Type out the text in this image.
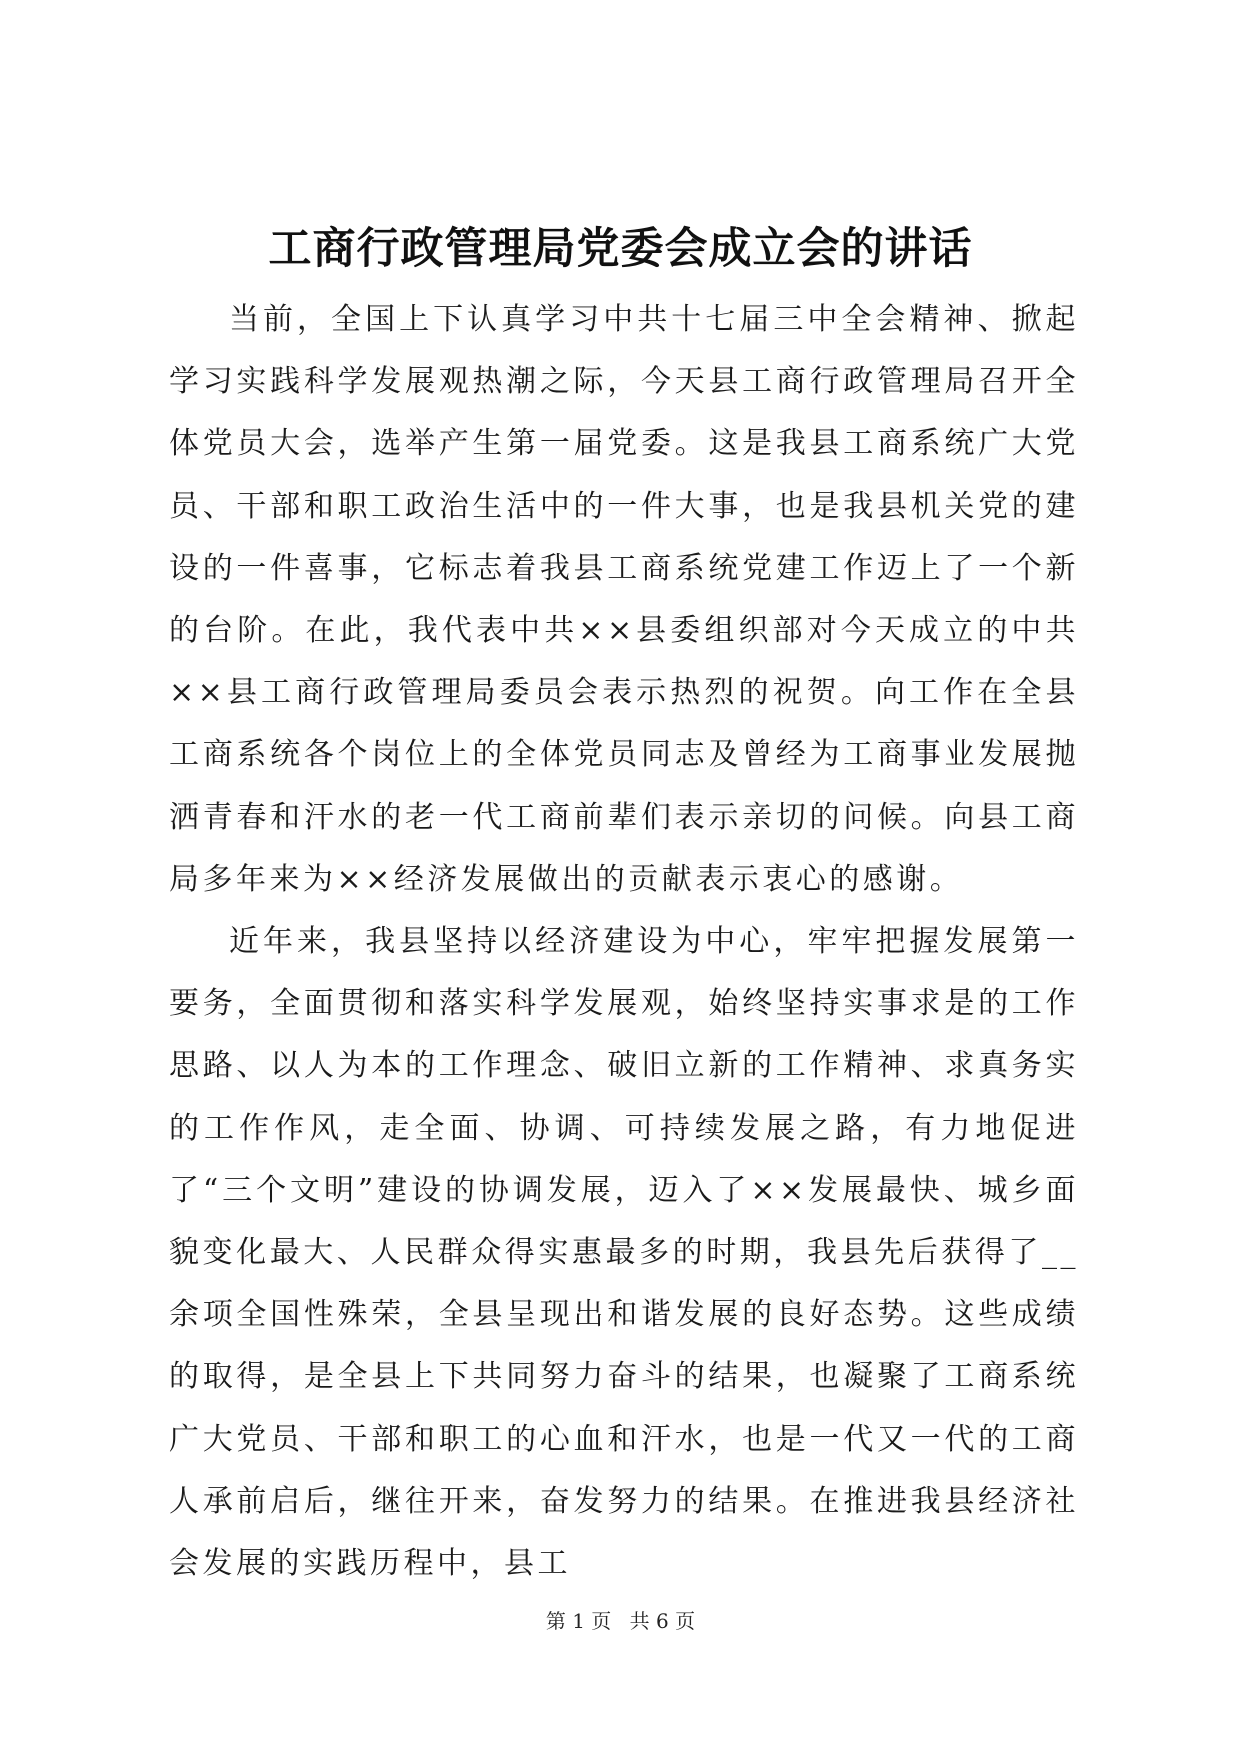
工商行政管理局党委会成立会的讲话

当前，全国上下认真学习中共十七届三中全会精神、掀起学习实践科学发展观热潮之际，今天县工商行政管理局召开全体党员大会，选举产生第一届党委。这是我县工商系统广大党员、干部和职工政治生活中的一件大事，也是我县机关党的建设的一件喜事，它标志着我县工商系统党建工作迈上了一个新的台阶。在此，我代表中共××县委组织部对今天成立的中共××县工商行政管理局委员会表示热烈的祝贺。向工作在全县工商系统各个岗位上的全体党员同志及曾经为工商事业发展抛洒青春和汗水的老一代工商前辈们表示亲切的问候。向县工商局多年来为××经济发展做出的贡献表示衷心的感谢。

近年来，我县坚持以经济建设为中心，牢牢把握发展第一要务，全面贯彻和落实科学发展观，始终坚持实事求是的工作思路、以人为本的工作理念、破旧立新的工作精神、求真务实的工作作风，走全面、协调、可持续发展之路，有力地促进了“三个文明”建设的协调发展，迈入了××发展最快、城乡面貌变化最大、人民群众得实惠最多的时期，我县先后获得了__余项全国性殊荣，全县呈现出和谐发展的良好态势。这些成绩的取得，是全县上下共同努力奋斗的结果，也凝聚了工商系统广大党员、干部和职工的心血和汗水，也是一代又一代的工商人承前启后，继往开来，奋发努力的结果。在推进我县经济社会发展的实践历程中，县工

第 1 页 共 6 页
